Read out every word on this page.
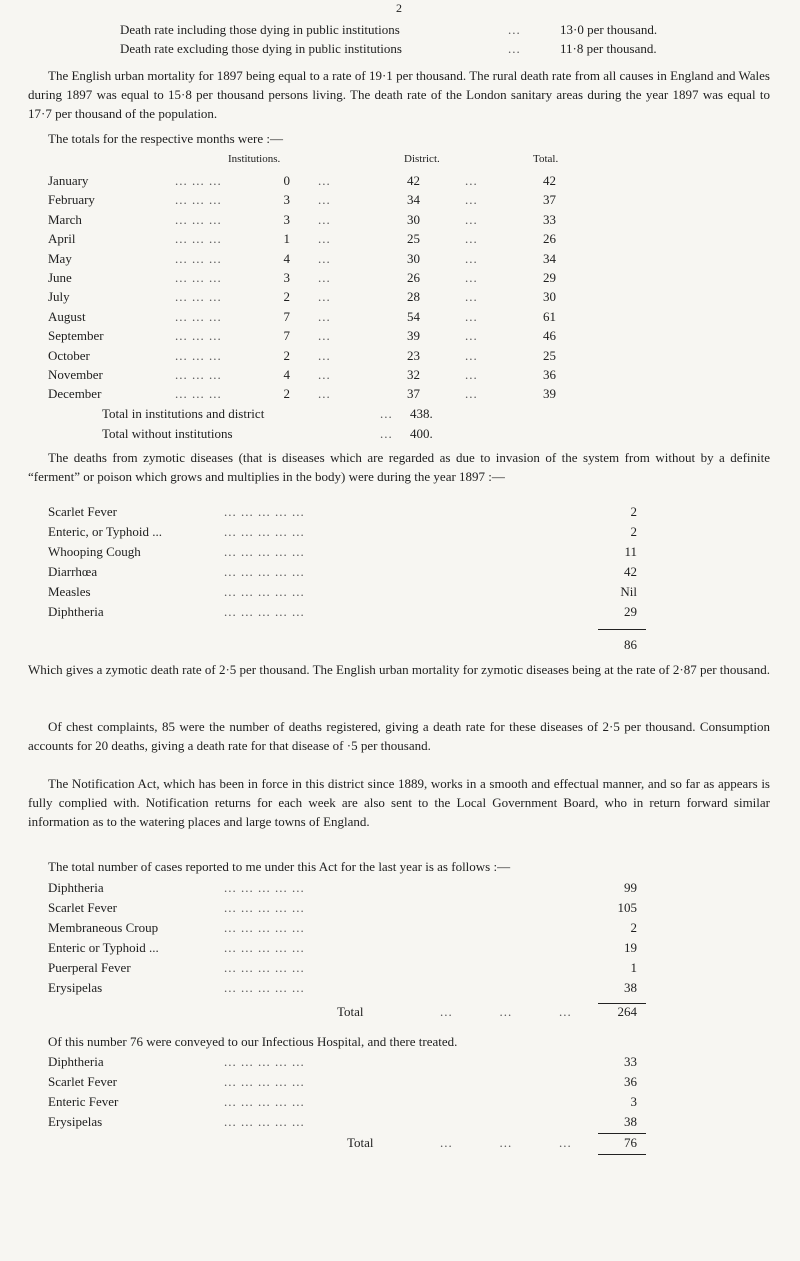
2
Death rate including those dying in public institutions	...	13·0 per thousand.
Death rate excluding those dying in public institutions	...	11·8 per thousand.
The English urban mortality for 1897 being equal to a rate of 19·1 per thousand. The rural death rate from all causes in England and Wales during 1897 was equal to 15·8 per thousand persons living. The death rate of the London sanitary areas during the year 1897 was equal to 17·7 per thousand of the population.
The totals for the respective months were :—
Institutions.	District.	Total.
January	... ... ...	0 ...	42	...	42
February	... ... ...	3 ...	34	...	37
March	... ... ...	3 ...	30	...	33
April	... ... ...	1 ...	25	...	26
May	... ... ...	4 ...	30	...	34
June	... ... ...	3 ...	26	...	29
July	... ... ...	2 ...	28	...	30
August	... ... ...	7 ...	54	...	61
September	... ... ...	7 ...	39	...	46
October	... ... ...	2 ...	23	...	25
November	... ... ...	4 ...	32	...	36
December	... ... ...	2 ...	37	...	39
Total in institutions and district	... 438.
Total without institutions	... 400.
The deaths from zymotic diseases (that is diseases which are regarded as due to invasion of the system from without by a definite “ferment” or poison which grows and multiplies in the body) were during the year 1897 :—
Scarlet Fever	... ... ... ... ...	2
Enteric, or Typhoid ...	... ... ... ... ...	2
Whooping Cough	... ... ... ... ...	11
Diarrhœa	... ... ... ... ...	42
Measles	... ... ... ... ...	Nil
Diphtheria	... ... ... ... ...	29
86
Which gives a zymotic death rate of 2·5 per thousand. The English urban mortality for zymotic diseases being at the rate of 2·87 per thousand.
Of chest complaints, 85 were the number of deaths registered, giving a death rate for these diseases of 2·5 per thousand. Consumption accounts for 20 deaths, giving a death rate for that disease of ·5 per thousand.
The Notification Act, which has been in force in this district since 1889, works in a smooth and effectual manner, and so far as appears is fully complied with. Notification returns for each week are also sent to the Local Government Board, who in return forward similar information as to the watering places and large towns of England.
The total number of cases reported to me under this Act for the last year is as follows :—
Diphtheria	... ... ... ... ...	99
Scarlet Fever	... ... ... ... ...	105
Membraneous Croup	... ... ... ... ...	2
Enteric or Typhoid ...	... ... ... ... ...	19
Puerperal Fever	... ... ... ... ...	1
Erysipelas	... ... ... ... ...	38
Total	...           ...           ...	264
Of this number 76 were conveyed to our Infectious Hospital, and there treated.
Diphtheria	... ... ... ... ...	33
Scarlet Fever	... ... ... ... ...	36
Enteric Fever	... ... ... ... ...	3
Erysipelas	... ... ... ... ...	38
Total	...           ...           ...	76
